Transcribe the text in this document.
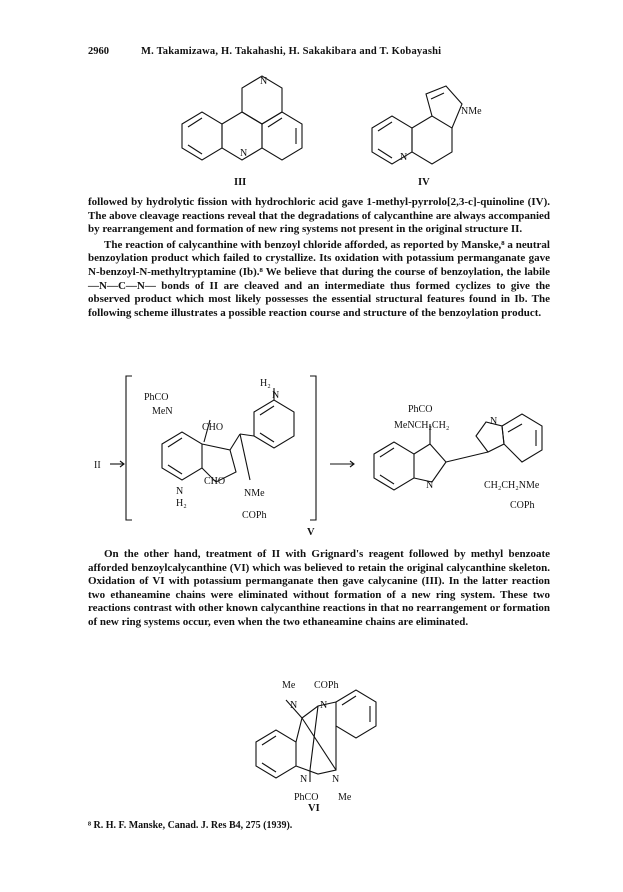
2960	M. Takamizawa, H. Takahashi, H. Sakakibara and T. Kobayashi
N
N
NMe
N
III	IV

followed by hydrolytic fission with hydrochloric acid gave 1-methyl-pyrrolo[2,3-c]-quinoline (IV). The above cleavage reactions reveal that the degradations of calycanthine are always accompanied by rearrangement and formation of new ring systems not present in the original structure II.

The reaction of calycanthine with benzoyl chloride afforded, as reported by Manske,⁸ a neutral benzoylation product which failed to crystallize. Its oxidation with potassium permanganate gave N-benzoyl-N-methyltryptamine (Ib).⁸ We believe that during the course of benzoylation, the labile —N—C—N— bonds of II are cleaved and an intermediate thus formed cyclizes to give the observed product which most likely possesses the essential structural features found in Ib. The following scheme illustrates a possible reaction course and structure of the benzoylation product.

II
PhCO
MeN
H₂
N
CHO
CHO
N
H₂
NMe
COPh
PhCO
MeNCH₂CH₂	N
N	CH₂CH₂NMe
COPh
V

On the other hand, treatment of II with Grignard's reagent followed by methyl benzoate afforded benzoylcalycanthine (VI) which was believed to retain the original calycanthine skeleton. Oxidation of VI with potassium permanganate then gave calycanine (III). In the latter reaction two ethaneamine chains were eliminated without formation of a new ring system. These two reactions contrast with other known calycanthine reactions in that no rearrangement or formation of new ring systems occur, even when the two ethaneamine chains are eliminated.

Me COPh
N N
N N
PhCO Me
VI
⁸ R. H. F. Manske, Canad. J. Res B4, 275 (1939).
